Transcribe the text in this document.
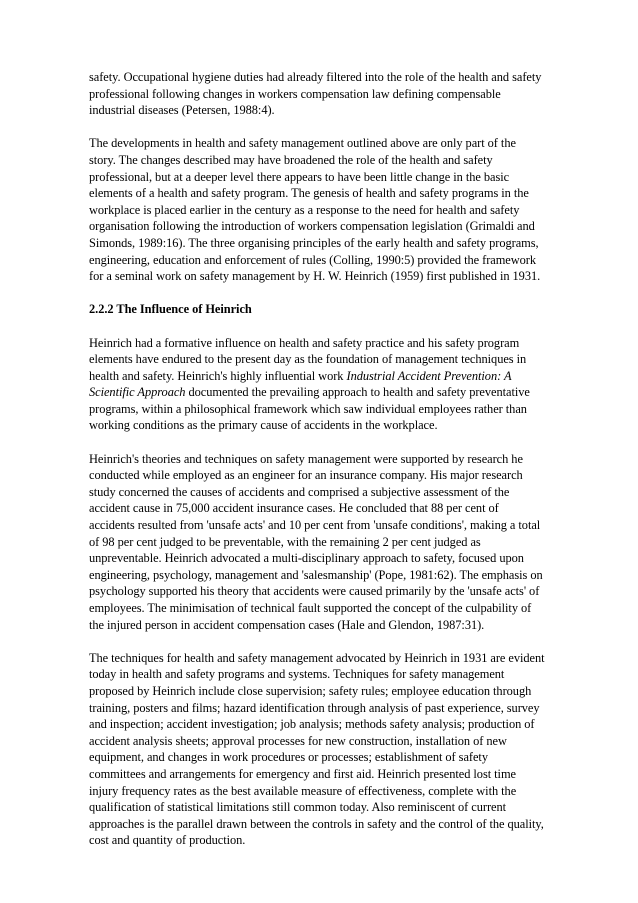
safety. Occupational hygiene duties had already filtered into the role of the health and safety professional following changes in workers compensation law defining compensable industrial diseases (Petersen, 1988:4).

The developments in health and safety management outlined above are only part of the story. The changes described may have broadened the role of the health and safety professional, but at a deeper level there appears to have been little change in the basic elements of a health and safety program. The genesis of health and safety programs in the workplace is placed earlier in the century as a response to the need for health and safety organisation following the introduction of workers compensation legislation (Grimaldi and Simonds, 1989:16). The three organising principles of the early health and safety programs, engineering, education and enforcement of rules (Colling, 1990:5) provided the framework for a seminal work on safety management by H. W. Heinrich (1959) first published in 1931.

2.2.2 The Influence of Heinrich

Heinrich had a formative influence on health and safety practice and his safety program elements have endured to the present day as the foundation of management techniques in health and safety. Heinrich's highly influential work Industrial Accident Prevention: A Scientific Approach documented the prevailing approach to health and safety preventative programs, within a philosophical framework which saw individual employees rather than working conditions as the primary cause of accidents in the workplace.

Heinrich's theories and techniques on safety management were supported by research he conducted while employed as an engineer for an insurance company. His major research study concerned the causes of accidents and comprised a subjective assessment of the accident cause in 75,000 accident insurance cases. He concluded that 88 per cent of accidents resulted from 'unsafe acts' and 10 per cent from 'unsafe conditions', making a total of 98 per cent judged to be preventable, with the remaining 2 per cent judged as unpreventable. Heinrich advocated a multi-disciplinary approach to safety, focused upon engineering, psychology, management and 'salesmanship' (Pope, 1981:62). The emphasis on psychology supported his theory that accidents were caused primarily by the 'unsafe acts' of employees. The minimisation of technical fault supported the concept of the culpability of the injured person in accident compensation cases (Hale and Glendon, 1987:31).

The techniques for health and safety management advocated by Heinrich in 1931 are evident today in health and safety programs and systems. Techniques for safety management proposed by Heinrich include close supervision; safety rules; employee education through training, posters and films; hazard identification through analysis of past experience, survey and inspection; accident investigation; job analysis; methods safety analysis; production of accident analysis sheets; approval processes for new construction, installation of new equipment, and changes in work procedures or processes; establishment of safety committees and arrangements for emergency and first aid. Heinrich presented lost time injury frequency rates as the best available measure of effectiveness, complete with the qualification of statistical limitations still common today. Also reminiscent of current approaches is the parallel drawn between the controls in safety and the control of the quality, cost and quantity of production.
